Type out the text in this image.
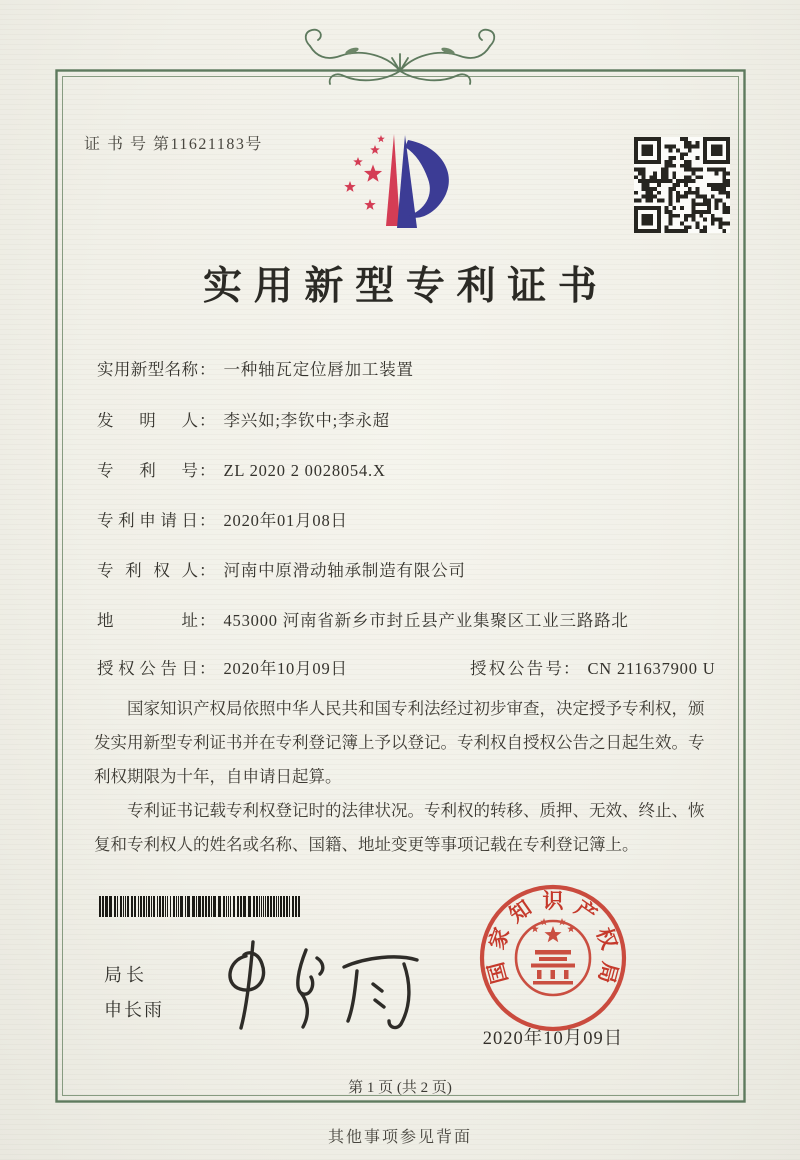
证 书 号 第11621183号
实用新型专利证书
实用新型名称： 一种轴瓦定位唇加工装置
发明人： 李兴如;李钦中;李永超
专利号： ZL 2020 2 0028054.X
专利申请日： 2020年01月08日
专利权人： 河南中原滑动轴承制造有限公司
地址： 453000 河南省新乡市封丘县产业集聚区工业三路路北
授权公告日： 2020年10月09日	授权公告号： CN 211637900 U

国家知识产权局依照中华人民共和国专利法经过初步审查，决定授予专利权，颁发实用新型专利证书并在专利登记簿上予以登记。专利权自授权公告之日起生效。专利权期限为十年，自申请日起算。

专利证书记载专利权登记时的法律状况。专利权的转移、质押、无效、终止、恢复和专利权人的姓名或名称、国籍、地址变更等事项记载在专利登记簿上。

局长
申长雨
国
家
知 识 产
权
局
2020年10月09日
第 1 页 (共 2 页)
其他事项参见背面
